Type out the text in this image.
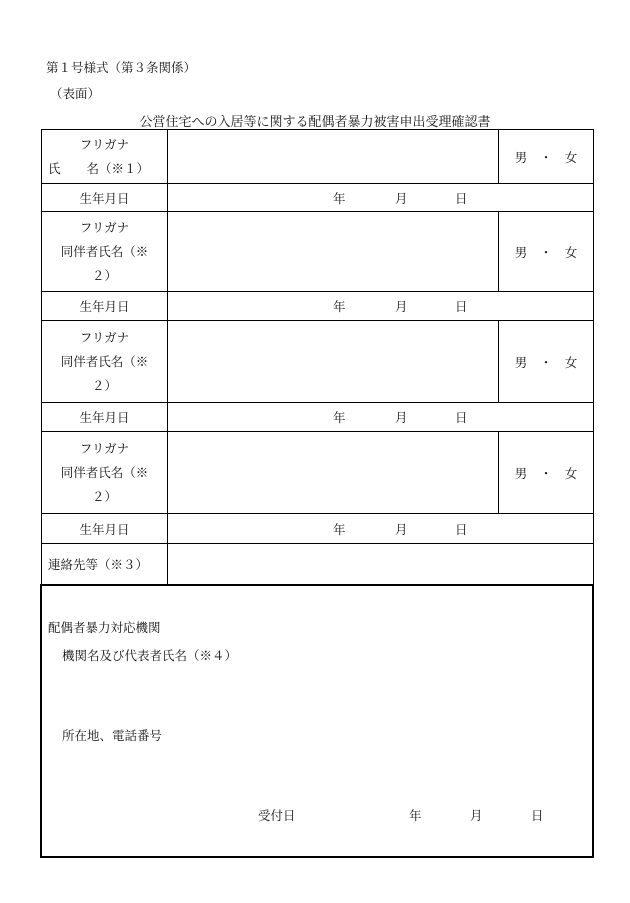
第１号様式（第３条関係）
（表面）
公営住宅への入居等に関する配偶者暴力被害申出受理確認書
フリガナ
氏 名（※１）		男　・　女
生年月日	年 月 日	

フリガナ
同伴者氏名（※
２）		男　・　女
生年月日	年 月 日	

フリガナ
同伴者氏名（※
２）		男　・　女
生年月日	年 月 日	

フリガナ
同伴者氏名（※
２）		男　・　女
生年月日	年 月 日	

連絡先等（※３）		
配偶者暴力対応機関
機関名及び代表者氏名（※４）
所在地、電話番号
受付日	年	月	日
